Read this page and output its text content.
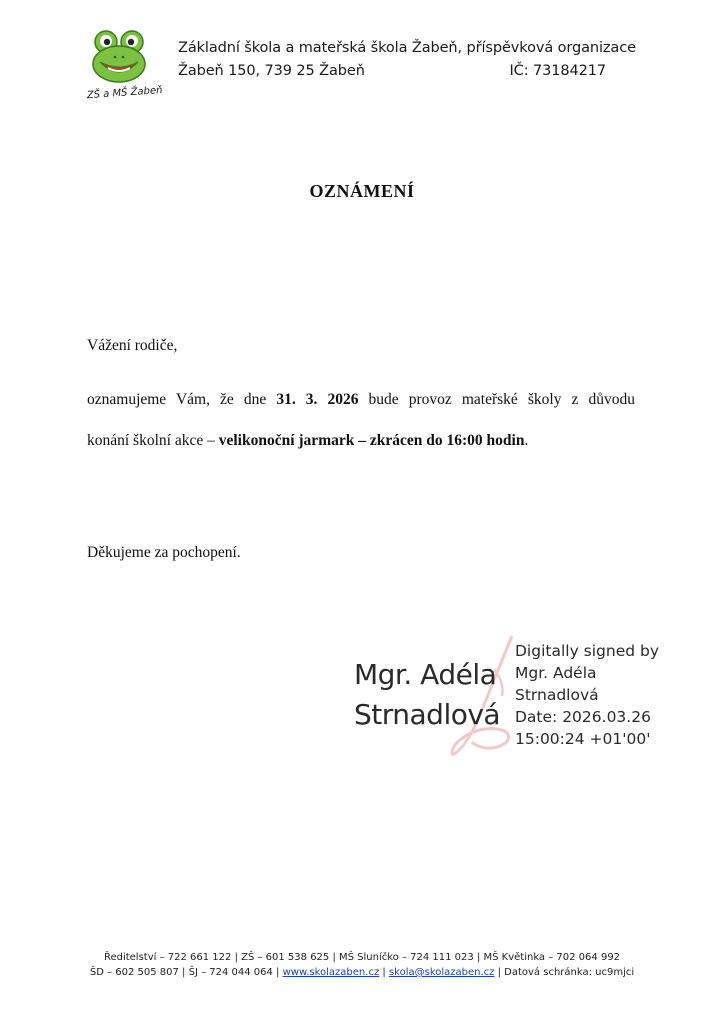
ZŠ a MŠ Žabeň
Základní škola a mateřská škola Žabeň, příspěvková organizace
Žabeň 150, 739 25 Žabeň	IČ: 73184217
OZNÁMENÍ
Vážení rodiče,
oznamujeme Vám, že dne 31. 3. 2026 bude provoz mateřské školy z důvodu
konání školní akce – velikonoční jarmark – zkrácen do 16:00 hodin.
Děkujeme za pochopení.
Mgr. Adéla
Strnadlová
Digitally signed by
Mgr. Adéla
Strnadlová
Date: 2026.03.26
15:00:24 +01'00'
Ředitelství – 722 661 122 | ZŠ – 601 538 625 | MŠ Sluníčko – 724 111 023 | MŠ Květinka – 702 064 992
ŠD – 602 505 807 | ŠJ – 724 044 064 | www.skolazaben.cz | skola@skolazaben.cz | Datová schránka: uc9mjci
